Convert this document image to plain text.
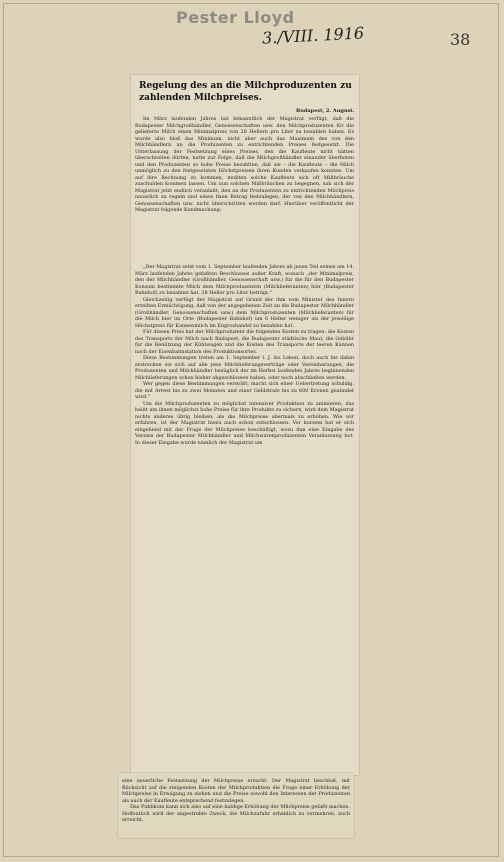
Pester Lloyd
3./VIII. 1916	38
Regelung des an die Milchproduzenten zu zahlenden Milchpreises.
Budapest, 2. August.

Im März laufenden Jahres hat bekanntlich der Magistrat verfügt, daß die Budapester Milchgroßhändler, Genossenschaften usw. den Milchproduzenten für die gelieferte Milch einen Minimalpreis von 28 Hellern pro Liter zu bezahlen haben. Es wurde also bloß das Minimum, nicht aber auch das Maximum des von den Milchhändlern an die Produzenten zu entrichtenden Preises festgesetzt. Die Unterlassung der Festsetzung eines Preises, den die Kaufleute nicht hätten überschreiten dürfen, hatte zur Folge, daß die Milchgroßhändler einander überboten und den Produzenten so hohe Preise bezahlten, daß sie – die Kaufleute – die Milch unmöglich zu den festgesetzten Höchstpreisen ihren Kunden verkaufen konnten. Um auf ihre Rechnung zu kommen, mußten solche Kaufleute sich oft Mißbräuche zuschulden kommen lassen. Um nun solchen Mißbräuchen zu begegnen, sah sich der Magistrat jetzt endlich veranlaßt, den an die Produzenten zu entrichtenden Milchpreis neuerlich zu regeln und einen fixen Betrag festzulegen, der von den Milchhändlern, Genossenschaften usw. nicht überschritten werden darf. Hierüber veröffentlicht der Magistrat folgende Kundmachung:

„Der Magistrat setzt vom 1. September laufenden Jahres ab jenen Teil seines am 14. März laufenden Jahres gefaßten Beschlusses außer Kraft, wonach „der Minimalpreis, den der Milchhändler (Großhändler, Genossenschaft usw.) für die für den Budapester Konsum bestimmte Milch dem Milchproduzenten (Milchlieferanten) hier (Budapester Bahnhof) zu bezahlen hat, 28 Heller pro Liter beträgt.“

Gleichzeitig verfügt der Magistrat auf Grund der ihm vom Minister des Innern erteilten Ermächtigung, daß von der angegebenen Zeit an die Budapester Milchhändler (Großhändler, Genossenschaften usw.) dem Milchproduzenten (Milchlieferanten) für die Milch hier im Orte (Budapester Bahnhof) um 6 Heller weniger als der jeweilige Höchstpreis für Kannenmilch im Engroshandel zu bezahlen hat.

Für diesen Preis hat der Milchproduzent die folgenden Kosten zu tragen: die Kosten des Transports der Milch nach Budapest, die Budapester städtische Maut, die Gebühr für die Benützung der Kühlwagen und die Kosten des Transports der leeren Kannen nach der Eisenbahnstation des Produktionsortes.

Diese Bestimmungen treten am 1. September l. J. ins Leben, doch auch bis dahin erstrecken sie sich auf alle jene Milchlieferungsverträge oder Vereinbarungen, die Produzenten und Milchhändler bezüglich der im Herbst laufenden Jahres beginnenden Milchlieferungen schon bisher abgeschlossen haben, oder noch abschließen werden.

Wer gegen diese Bestimmungen verstößt, macht sich einer Uebertretung schuldig, die mit Arrest bis zu zwei Monaten und einer Geldstrafe bis zu 600 Kronen geahndet wird.“

Um die Milchproduzenten zu möglichst intensiver Produktion zu animieren, das heißt um ihnen möglichst hohe Preise für ihre Produkte zu sichern, wird dem Magistrat nichts anderes übrig bleiben, als die Milchpreise abermals zu erhöhen. Wie wir erfahren, ist der Magistrat hiezu auch schon entschlossen. Vor kurzem hat er sich eingehend mit der Frage der Milchpreise beschäftigt, wozu ihm eine Eingabe des Vereins der Budapester Milchhändler und Milchwarenproduzenten Veranlassung bot. In dieser Eingabe wurde nämlich der Magistrat um

eine neuerliche Festsetzung der Milchpreise ersucht. Der Magistrat beschloß, mit Rücksicht auf die steigenden Kosten der Milchproduktion die Frage einer Erhöhung der Milchpreise in Erwägung zu ziehen und die Preise sowohl den Interessen der Produzenten als auch der Kaufleute entsprechend festzulegen.

Das Publikum kann sich also auf eine baldige Erhöhung der Milchpreise gefaßt machen. Hoffentlich wird der angestrebte Zweck, die Milchzufuhr erheblich zu vermehren, auch erreicht.
